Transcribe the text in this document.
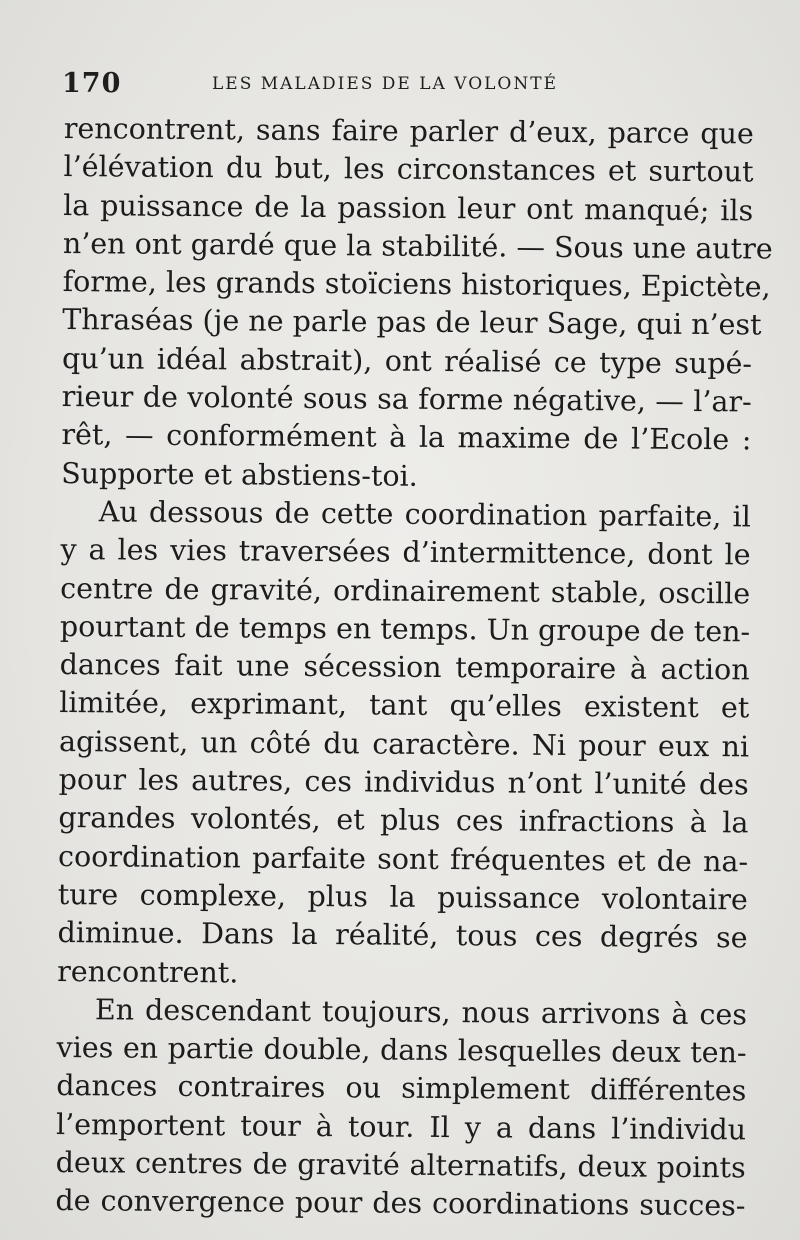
170	LES MALADIES DE LA VOLONTÉ
rencontrent, sans faire parler d’eux, parce que
l’élévation du but, les circonstances et surtout
la puissance de la passion leur ont manqué; ils
n’en ont gardé que la stabilité. — Sous une autre
forme, les grands stoïciens historiques, Epictète,
Thraséas (je ne parle pas de leur Sage, qui n’est
qu’un idéal abstrait), ont réalisé ce type supé-
rieur de volonté sous sa forme négative, — l’ar-
rêt, — conformément à la maxime de l’Ecole :
Supporte et abstiens-toi.
Au dessous de cette coordination parfaite, il
y a les vies traversées d’intermittence, dont le
centre de gravité, ordinairement stable, oscille
pourtant de temps en temps. Un groupe de ten-
dances fait une sécession temporaire à action
limitée, exprimant, tant qu’elles existent et
agissent, un côté du caractère. Ni pour eux ni
pour les autres, ces individus n’ont l’unité des
grandes volontés, et plus ces infractions à la
coordination parfaite sont fréquentes et de na-
ture complexe, plus la puissance volontaire
diminue. Dans la réalité, tous ces degrés se
rencontrent.
En descendant toujours, nous arrivons à ces
vies en partie double, dans lesquelles deux ten-
dances contraires ou simplement différentes
l’emportent tour à tour. Il y a dans l’individu
deux centres de gravité alternatifs, deux points
de convergence pour des coordinations succes-
